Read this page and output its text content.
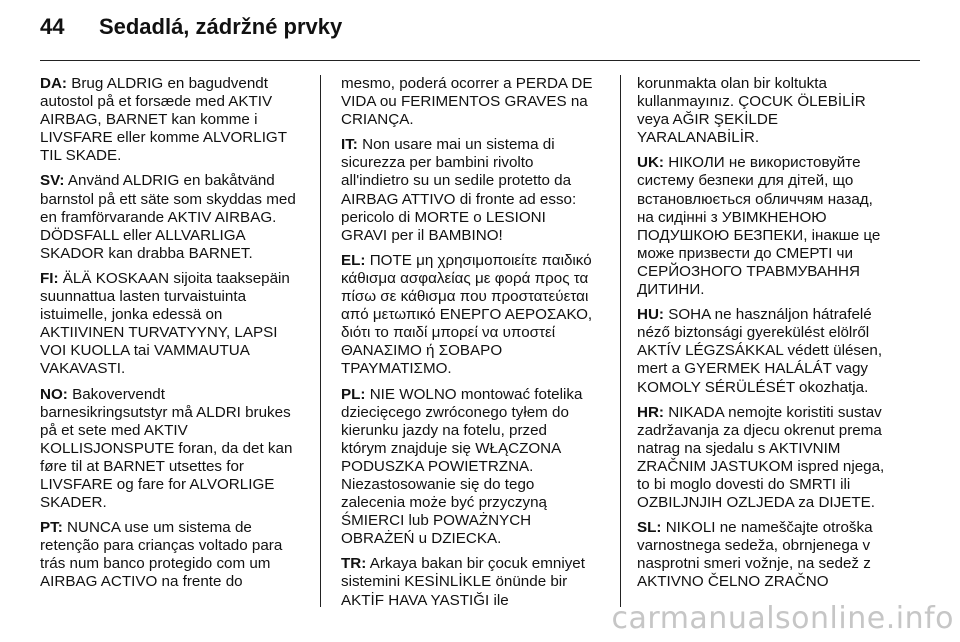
44 Sedadlá, zádržné prvky
DA: Brug ALDRIG en bagudvendt
autostol på et forsæde med AKTIV
AIRBAG, BARNET kan komme i
LIVSFARE eller komme ALVORLIGT
TIL SKADE.
SV: Använd ALDRIG en bakåtvänd
barnstol på ett säte som skyddas med
en framförvarande AKTIV AIRBAG.
DÖDSFALL eller ALLVARLIGA
SKADOR kan drabba BARNET.
FI: ÄLÄ KOSKAAN sijoita taaksepäin
suunnattua lasten turvaistuinta
istuimelle, jonka edessä on
AKTIIVINEN TURVATYYNY, LAPSI
VOI KUOLLA tai VAMMAUTUA
VAKAVASTI.
NO: Bakovervendt
barnesikringsutstyr må ALDRI brukes
på et sete med AKTIV
KOLLISJONSPUTE foran, da det kan
føre til at BARNET utsettes for
LIVSFARE og fare for ALVORLIGE
SKADER.
PT: NUNCA use um sistema de
retenção para crianças voltado para
trás num banco protegido com um
AIRBAG ACTIVO na frente do
mesmo, poderá ocorrer a PERDA DE
VIDA ou FERIMENTOS GRAVES na
CRIANÇA.
IT: Non usare mai un sistema di
sicurezza per bambini rivolto
all'indietro su un sedile protetto da
AIRBAG ATTIVO di fronte ad esso:
pericolo di MORTE o LESIONI
GRAVI per il BAMBINO!
EL: ΠΟΤΕ μη χρησιμοποιείτε παιδικό
κάθισμα ασφαλείας με φορά προς τα
πίσω σε κάθισμα που προστατεύεται
από μετωπικό ΕΝΕΡΓΟ ΑΕΡΟΣΑΚΟ,
διότι το παιδί μπορεί να υποστεί
ΘΑΝΑΣΙΜΟ ή ΣΟΒΑΡΟ
ΤΡΑΥΜΑΤΙΣΜΟ.
PL: NIE WOLNO montować fotelika
dziecięcego zwróconego tyłem do
kierunku jazdy na fotelu, przed
którym znajduje się WŁĄCZONA
PODUSZKA POWIETRZNA.
Niezastosowanie się do tego
zalecenia może być przyczyną
ŚMIERCI lub POWAŻNYCH
OBRAŻEŃ u DZIECKA.
TR: Arkaya bakan bir çocuk emniyet
sistemini KESİNLİKLE önünde bir
AKTİF HAVA YASTIĞI ile
korunmakta olan bir koltukta
kullanmayınız. ÇOCUK ÖLEBİLİR
veya AĞIR ŞEKİLDE
YARALANABİLİR.
UK: НІКОЛИ не використовуйте
систему безпеки для дітей, що
встановлюється обличчям назад,
на сидінні з УВІМКНЕНОЮ
ПОДУШКОЮ БЕЗПЕКИ, інакше це
може призвести до СМЕРТІ чи
СЕРЙОЗНОГО ТРАВМУВАННЯ
ДИТИНИ.
HU: SOHA ne használjon hátrafelé
néző biztonsági gyerekülést elölről
AKTÍV LÉGZSÁKKAL védett ülésen,
mert a GYERMEK HALÁLÁT vagy
KOMOLY SÉRÜLÉSÉT okozhatja.
HR: NIKADA nemojte koristiti sustav
zadržavanja za djecu okrenut prema
natrag na sjedalu s AKTIVNIM
ZRAČNIM JASTUKOM ispred njega,
to bi moglo dovesti do SMRTI ili
OZBILJNJIH OZLJEDA za DIJETE.
SL: NIKOLI ne nameščajte otroška
varnostnega sedeža, obrnjenega v
nasprotni smeri vožnje, na sedež z
AKTIVNO ČELNO ZRAČNO
carmanualsonline.info
